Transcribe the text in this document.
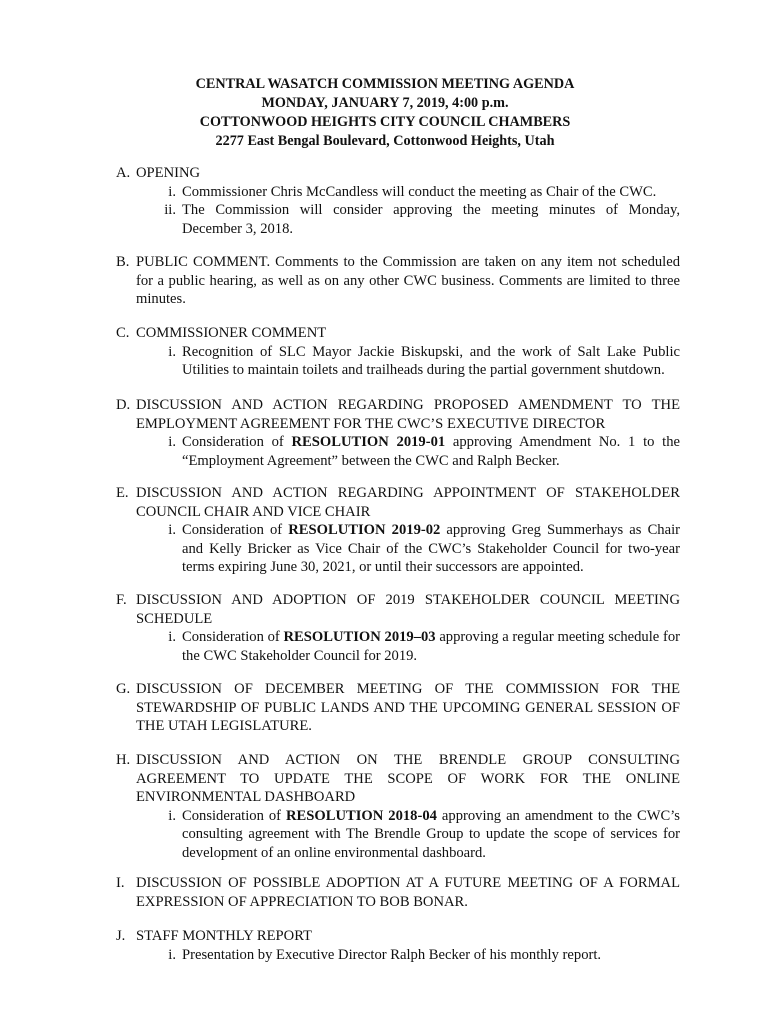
CENTRAL WASATCH COMMISSION MEETING AGENDA
MONDAY, JANUARY 7, 2019, 4:00 p.m.
COTTONWOOD HEIGHTS CITY COUNCIL CHAMBERS
2277 East Bengal Boulevard, Cottonwood Heights, Utah
A. OPENING
i. Commissioner Chris McCandless will conduct the meeting as Chair of the CWC.
ii. The Commission will consider approving the meeting minutes of Monday, December 3, 2018.
B. PUBLIC COMMENT. Comments to the Commission are taken on any item not scheduled for a public hearing, as well as on any other CWC business. Comments are limited to three minutes.
C. COMMISSIONER COMMENT
i. Recognition of SLC Mayor Jackie Biskupski, and the work of Salt Lake Public Utilities to maintain toilets and trailheads during the partial government shutdown.
D. DISCUSSION AND ACTION REGARDING PROPOSED AMENDMENT TO THE EMPLOYMENT AGREEMENT FOR THE CWC’S EXECUTIVE DIRECTOR
i. Consideration of RESOLUTION 2019-01 approving Amendment No. 1 to the “Employment Agreement” between the CWC and Ralph Becker.
E. DISCUSSION AND ACTION REGARDING APPOINTMENT OF STAKEHOLDER COUNCIL CHAIR AND VICE CHAIR
i. Consideration of RESOLUTION 2019-02 approving Greg Summerhays as Chair and Kelly Bricker as Vice Chair of the CWC’s Stakeholder Council for two-year terms expiring June 30, 2021, or until their successors are appointed.
F. DISCUSSION AND ADOPTION OF 2019 STAKEHOLDER COUNCIL MEETING SCHEDULE
i. Consideration of RESOLUTION 2019–03 approving a regular meeting schedule for the CWC Stakeholder Council for 2019.
G. DISCUSSION OF DECEMBER MEETING OF THE COMMISSION FOR THE STEWARDSHIP OF PUBLIC LANDS AND THE UPCOMING GENERAL SESSION OF THE UTAH LEGISLATURE.
H. DISCUSSION AND ACTION ON THE BRENDLE GROUP CONSULTING AGREEMENT TO UPDATE THE SCOPE OF WORK FOR THE ONLINE ENVIRONMENTAL DASHBOARD
i. Consideration of RESOLUTION 2018-04 approving an amendment to the CWC’s consulting agreement with The Brendle Group to update the scope of services for development of an online environmental dashboard.
I. DISCUSSION OF POSSIBLE ADOPTION AT A FUTURE MEETING OF A FORMAL EXPRESSION OF APPRECIATION TO BOB BONAR.
J. STAFF MONTHLY REPORT
i. Presentation by Executive Director Ralph Becker of his monthly report.
